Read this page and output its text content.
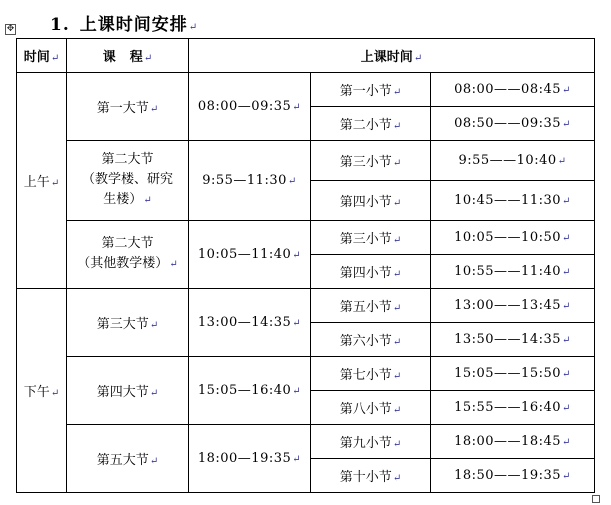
1. 上课时间安排↵
✥
时间↵	课 程↵	上课时间↵		
上午↵	第一大节↵	08:00—09:35↵	第一小节↵	08:00——08:45↵
			第二小节↵	08:50——09:35↵

	第二大节
（教学楼、研究
生楼）↵	9:55—11:30↵	第三小节↵	9:55——10:40↵
			第四小节↵	10:45——11:30↵

	第二大节
（其他教学楼）↵	10:05—11:40↵	第三小节↵	10:05——10:50↵
			第四小节↵	10:55——11:40↵
下午↵	第三大节↵	13:00—14:35↵	第五小节↵	13:00——13:45↵
			第六小节↵	13:50——14:35↵
	第四大节↵	15:05—16:40↵	第七小节↵	15:05——15:50↵
			第八小节↵	15:55——16:40↵
	第五大节↵	18:00—19:35↵	第九小节↵	18:00——18:45↵
			第十小节↵	18:50——19:35↵
